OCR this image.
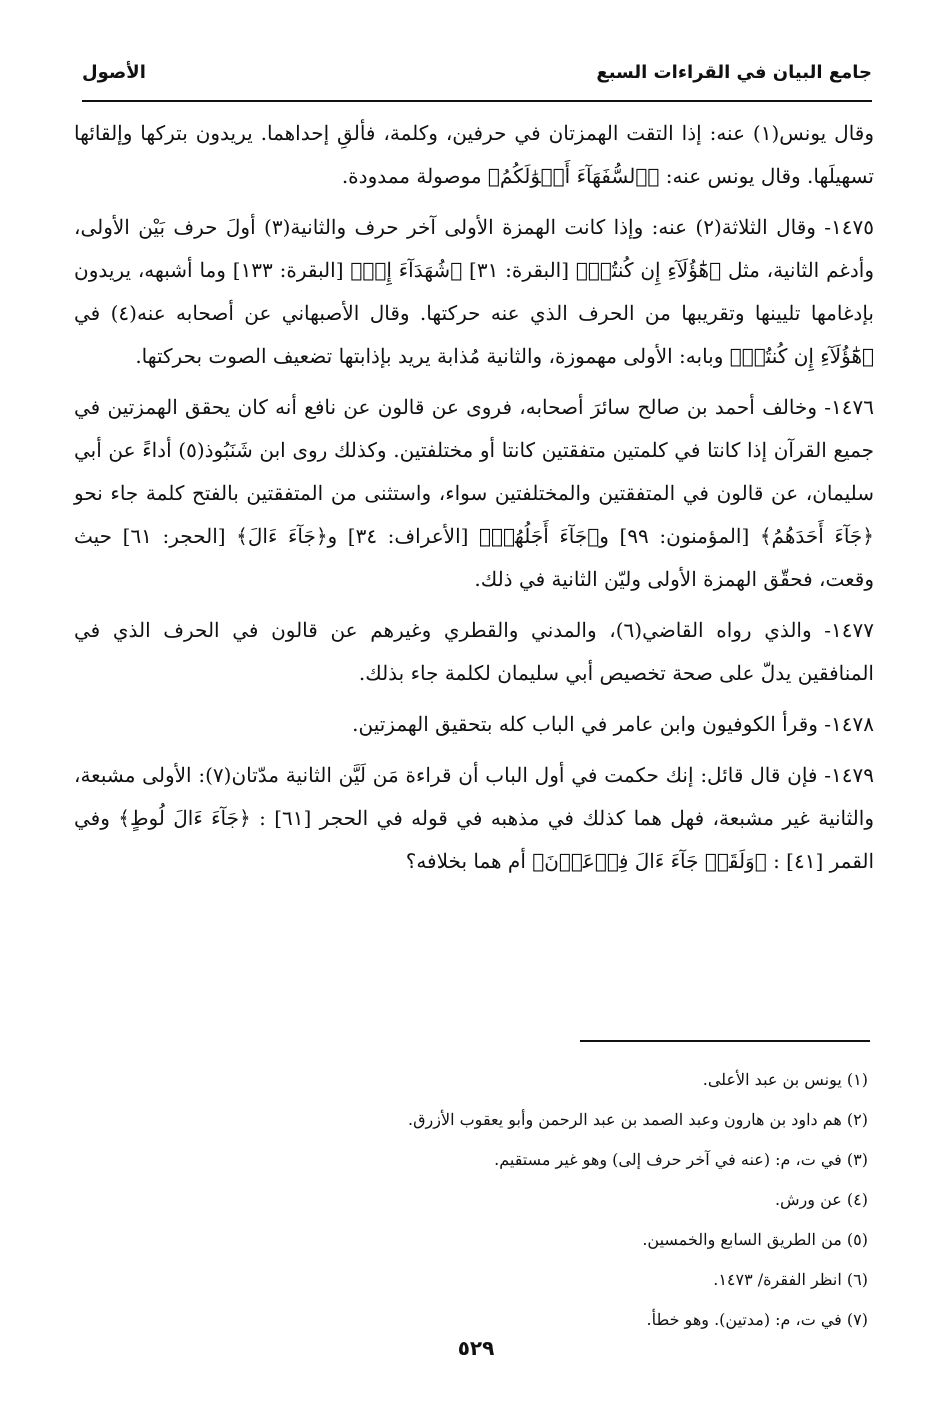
الأصول	جامع البيان في القراءات السبع

وقال يونس(١) عنه: إذا التقت الهمزتان في حرفين، وكلمة، فألقِ إحداهما. يريدون بتركها وإلقائها تسهيلَها. وقال يونس عنه: ﴿ٱلسُّفَهَآءَ أَمۡوَٰلَكُمُ﴾ موصولة ممدودة.

١٤٧٥- وقال الثلاثة(٢) عنه: وإذا كانت الهمزة الأولى آخر حرف والثانية(٣) أولَ حرف بَيْن الأولى، وأدغم الثانية، مثل ﴿هَٰٓؤُلَآءِ إِن كُنتُمۡ﴾ [البقرة: ٣١] ﴿شُهَدَآءَ إِذۡ﴾ [البقرة: ١٣٣] وما أشبهه، يريدون بإدغامها تليينها وتقريبها من الحرف الذي عنه حركتها. وقال الأصبهاني عن أصحابه عنه(٤) في ﴿هَٰٓؤُلَآءِ إِن كُنتُمۡ﴾ وبابه: الأولى مهموزة، والثانية مُذابة يريد بإذابتها تضعيف الصوت بحركتها.

١٤٧٦- وخالف أحمد بن صالح سائرَ أصحابه، فروى عن قالون عن نافع أنه كان يحقق الهمزتين في جميع القرآن إذا كانتا في كلمتين متفقتين كانتا أو مختلفتين. وكذلك روى ابن شَنَبُوذ(٥) أداءً عن أبي سليمان، عن قالون في المتفقتين والمختلفتين سواء، واستثنى من المتفقتين بالفتح كلمة جاء نحو ﴿جَآءَ أَحَدَهُمُ﴾ [المؤمنون: ٩٩] و﴿جَآءَ أَجَلُهُمۡ﴾ [الأعراف: ٣٤] و﴿جَآءَ ءَالَ﴾ [الحجر: ٦١] حيث وقعت، فحقّق الهمزة الأولى وليّن الثانية في ذلك.

١٤٧٧- والذي رواه القاضي(٦)، والمدني والقطري وغيرهم عن قالون في الحرف الذي في المنافقين يدلّ على صحة تخصيص أبي سليمان لكلمة جاء بذلك.

١٤٧٨- وقرأ الكوفيون وابن عامر في الباب كله بتحقيق الهمزتين.

١٤٧٩- فإن قال قائل: إنك حكمت في أول الباب أن قراءة مَن لَيَّن الثانية مدّتان(٧): الأولى مشبعة، والثانية غير مشبعة، فهل هما كذلك في مذهبه في قوله في الحجر [٦١] : ﴿جَآءَ ءَالَ لُوطٍ﴾ وفي القمر [٤١] : ﴿وَلَقَدۡ جَآءَ ءَالَ فِرۡعَوۡنَ﴾ أم هما بخلافه؟

(١) يونس بن عبد الأعلى.

(٢) هم داود بن هارون وعبد الصمد بن عبد الرحمن وأبو يعقوب الأزرق.

(٣) في ت، م: (عنه في آخر حرف إلى) وهو غير مستقيم.

(٤) عن ورش.

(٥) من الطريق السابع والخمسين.

(٦) انظر الفقرة/ ١٤٧٣.

(٧) في ت، م: (مدتين). وهو خطأ.

٥٢٩
